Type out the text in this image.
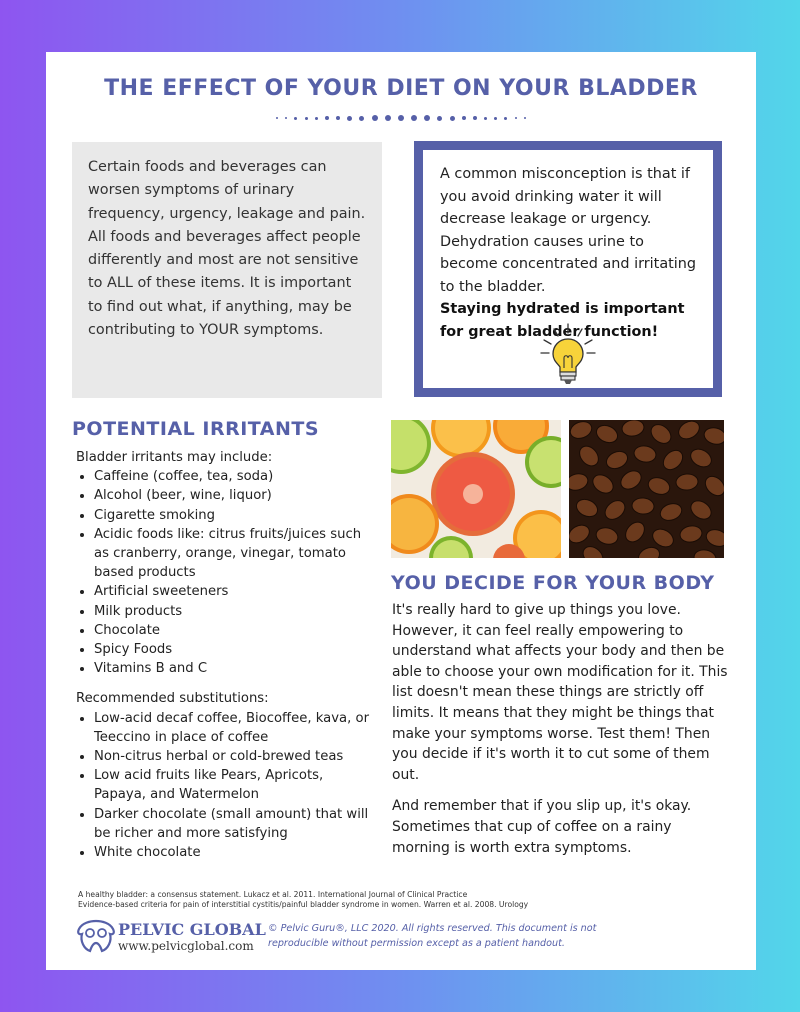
THE EFFECT OF YOUR DIET ON YOUR BLADDER

Certain foods and beverages can worsen symptoms of urinary frequency, urgency, leakage and pain.

All foods and beverages affect people differently and most are not sensitive to ALL of these items. It is important to find out what, if anything, may be contributing to YOUR symptoms.

A common misconception is that if you avoid drinking water it will decrease leakage or urgency. Dehydration causes urine to become concentrated and irritating to the bladder.

Staying hydrated is important for great bladder function!

POTENTIAL IRRITANTS

Bladder irritants may include:

• Caffeine (coffee, tea, soda)
• Alcohol (beer, wine, liquor)
• Cigarette smoking
• Acidic foods like: citrus fruits/juices such as cranberry, orange, vinegar, tomato based products
• Artificial sweeteners
• Milk products
• Chocolate
• Spicy Foods
• Vitamins B and C

Recommended substitutions:

• Low-acid decaf coffee, Biocoffee, kava, or Teeccino in place of coffee
• Non-citrus herbal or cold-brewed teas
• Low acid fruits like Pears, Apricots, Papaya, and Watermelon
• Darker chocolate (small amount) that will be richer and more satisfying
• White chocolate
YOU DECIDE FOR YOUR BODY

It's really hard to give up things you love. However, it can feel really empowering to understand what affects your body and then be able to choose your own modification for it. This list doesn't mean these things are strictly off limits. It means that they might be things that make your symptoms worse. Test them! Then you decide if it's worth it to cut some of them out.

And remember that if you slip up, it's okay. Sometimes that cup of coffee on a rainy morning is worth extra symptoms.

A healthy bladder: a consensus statement. Lukacz et al. 2011. International Journal of Clinical Practice

Evidence-based criteria for pain of interstitial cystitis/painful bladder syndrome in women. Warren et al. 2008. Urology

PELVIC GLOBAL
www.pelvicglobal.com

© Pelvic Guru®, LLC 2020. All rights reserved. This document is not

reproducible without permission except as a patient handout.
